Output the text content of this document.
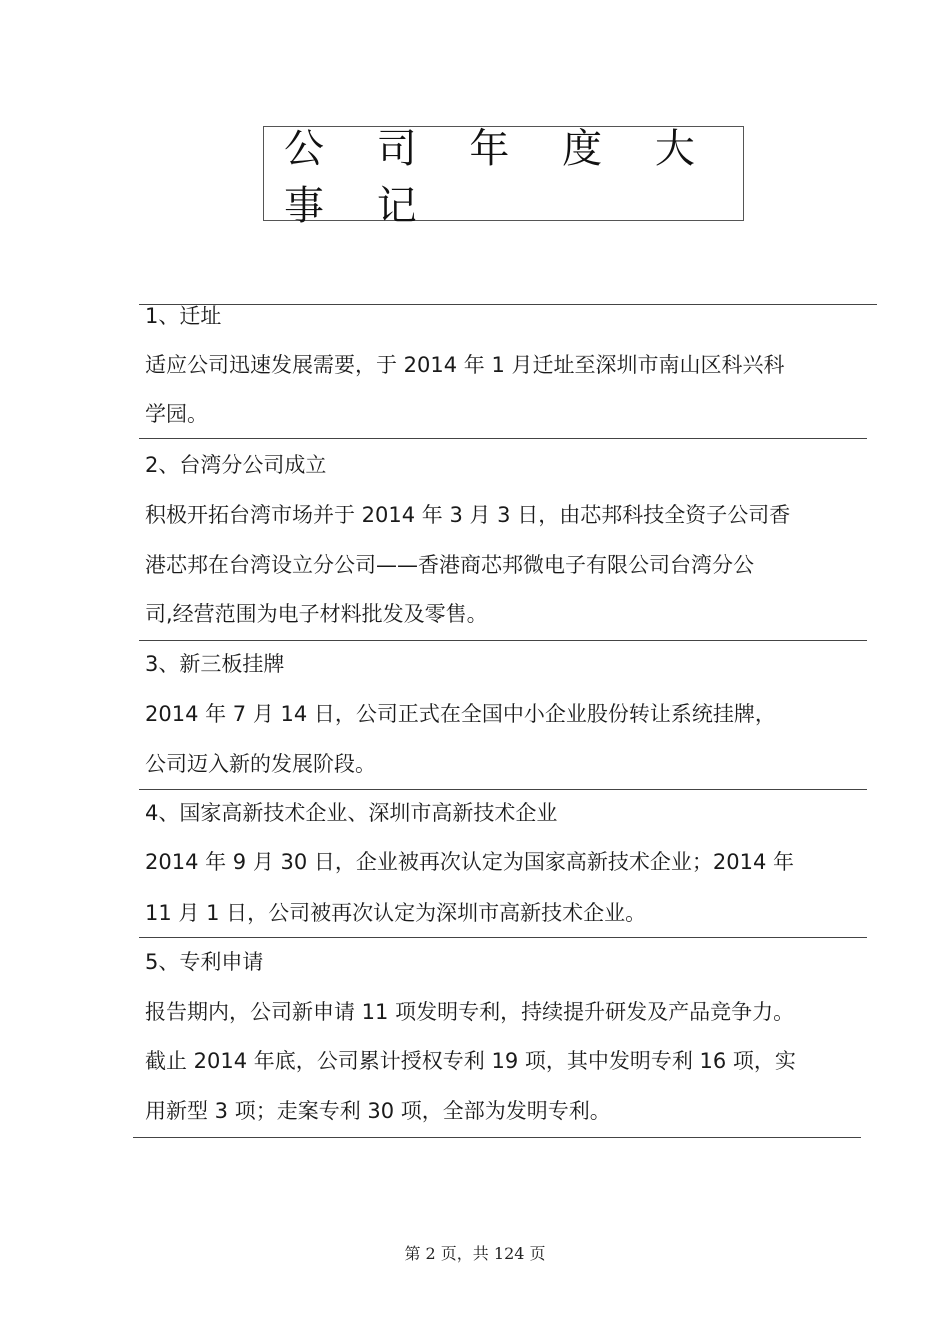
公 司 年 度 大 事 记
1、迁址
适应公司迅速发展需要，于 2014 年 1 月迁址至深圳市南山区科兴科
学园。
2、台湾分公司成立
积极开拓台湾市场并于 2014 年 3 月 3 日，由芯邦科技全资子公司香
港芯邦在台湾设立分公司——香港商芯邦微电子有限公司台湾分公
司,经营范围为电子材料批发及零售。
3、新三板挂牌
2014 年 7 月 14 日，公司正式在全国中小企业股份转让系统挂牌，
公司迈入新的发展阶段。
4、国家高新技术企业、深圳市高新技术企业
2014 年 9 月 30 日，企业被再次认定为国家高新技术企业；2014 年
11 月 1 日，公司被再次认定为深圳市高新技术企业。
5、专利申请
报告期内，公司新申请 11 项发明专利，持续提升研发及产品竞争力。
截止 2014 年底，公司累计授权专利 19 项，其中发明专利 16 项，实
用新型 3 项；走案专利 30 项，全部为发明专利。
第 2 页，共 124 页
